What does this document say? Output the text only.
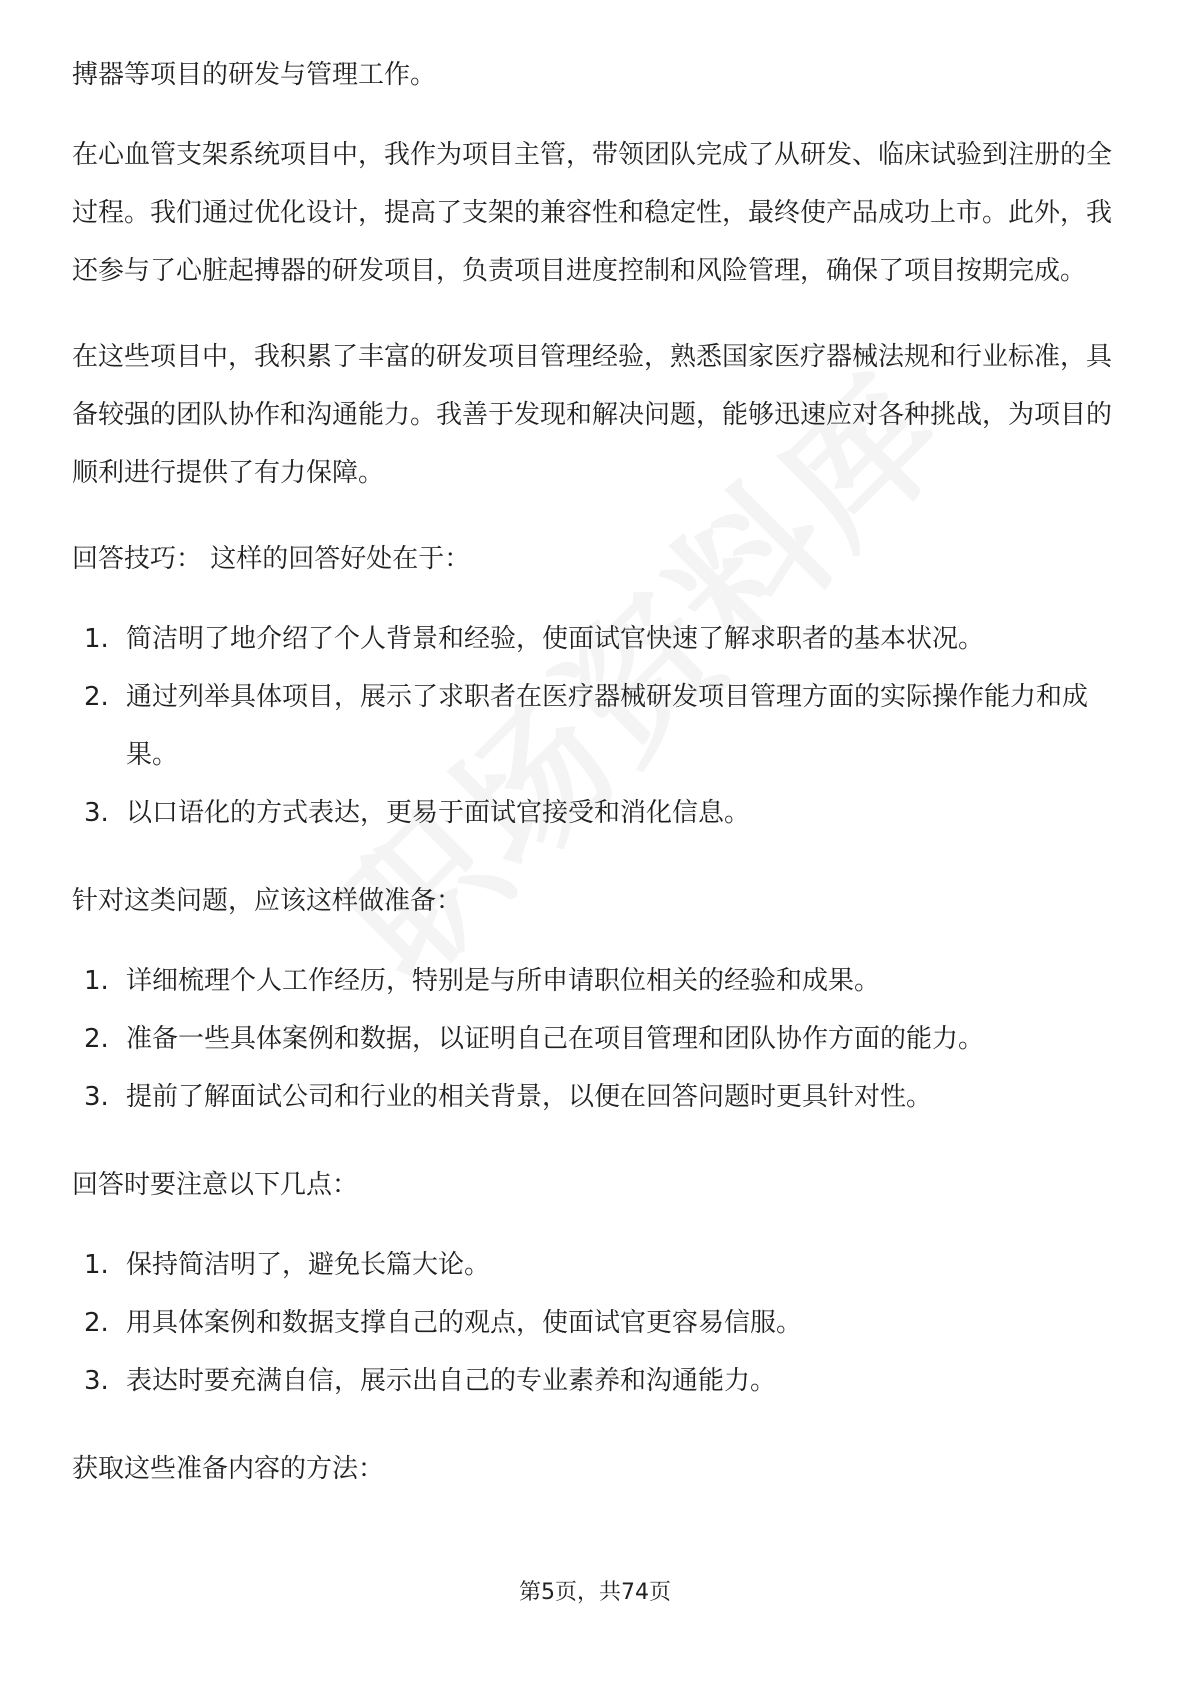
搏器等项目的研发与管理工作。

在心血管支架系统项目中，我作为项目主管，带领团队完成了从研发、临床试验到注册的全过程。我们通过优化设计，提高了支架的兼容性和稳定性，最终使产品成功上市。此外，我还参与了心脏起搏器的研发项目，负责项目进度控制和风险管理，确保了项目按期完成。

在这些项目中，我积累了丰富的研发项目管理经验，熟悉国家医疗器械法规和行业标准，具备较强的团队协作和沟通能力。我善于发现和解决问题，能够迅速应对各种挑战，为项目的顺利进行提供了有力保障。

回答技巧： 这样的回答好处在于：

1. 简洁明了地介绍了个人背景和经验，使面试官快速了解求职者的基本状况。
2. 通过列举具体项目，展示了求职者在医疗器械研发项目管理方面的实际操作能力和成果。
3. 以口语化的方式表达，更易于面试官接受和消化信息。

针对这类问题，应该这样做准备：

1. 详细梳理个人工作经历，特别是与所申请职位相关的经验和成果。
2. 准备一些具体案例和数据，以证明自己在项目管理和团队协作方面的能力。
3. 提前了解面试公司和行业的相关背景，以便在回答问题时更具针对性。

回答时要注意以下几点：

1. 保持简洁明了，避免长篇大论。
2. 用具体案例和数据支撑自己的观点，使面试官更容易信服。
3. 表达时要充满自信，展示出自己的专业素养和沟通能力。

获取这些准备内容的方法：

第5页，共74页
